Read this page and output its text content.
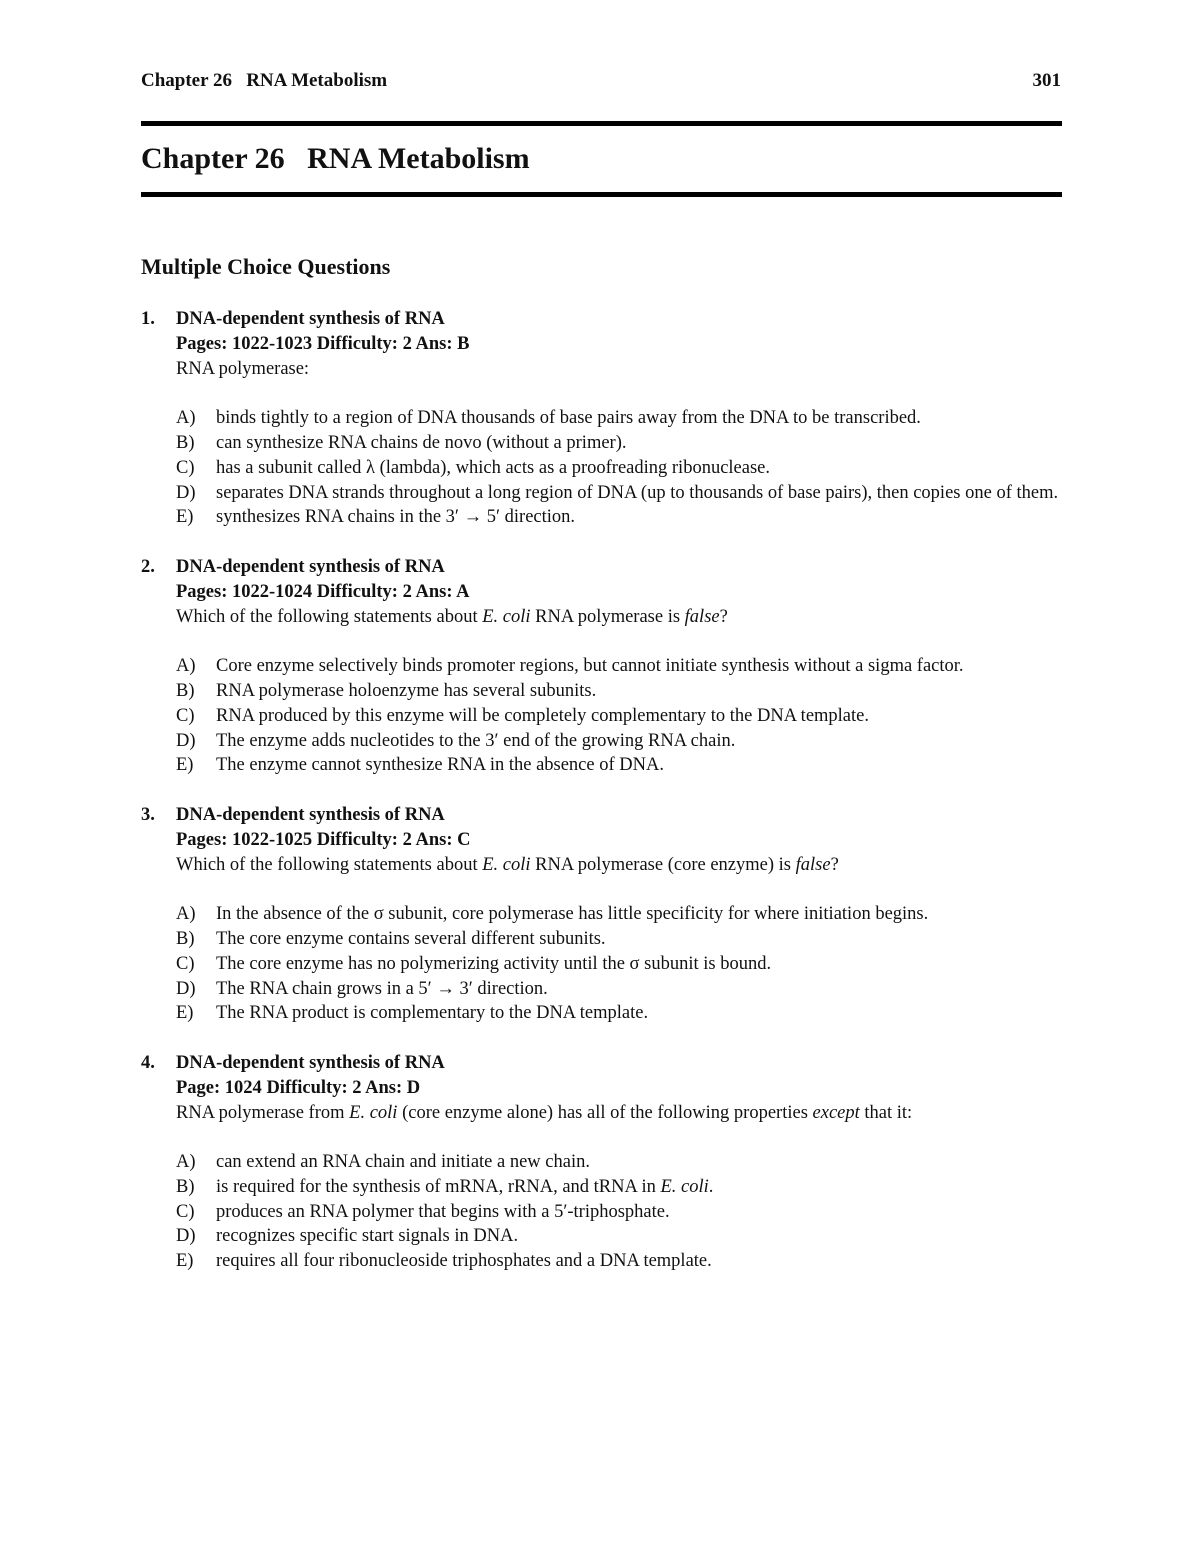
Chapter 26   RNA Metabolism	301
Chapter 26   RNA Metabolism
Multiple Choice Questions
1. DNA-dependent synthesis of RNA
Pages: 1022-1023 Difficulty: 2 Ans: B
RNA polymerase:
A) binds tightly to a region of DNA thousands of base pairs away from the DNA to be transcribed.
B) can synthesize RNA chains de novo (without a primer).
C) has a subunit called λ (lambda), which acts as a proofreading ribonuclease.
D) separates DNA strands throughout a long region of DNA (up to thousands of base pairs), then copies one of them.
E) synthesizes RNA chains in the 3′ → 5′ direction.
2. DNA-dependent synthesis of RNA
Pages: 1022-1024 Difficulty: 2 Ans: A
Which of the following statements about E. coli RNA polymerase is false?
A) Core enzyme selectively binds promoter regions, but cannot initiate synthesis without a sigma factor.
B) RNA polymerase holoenzyme has several subunits.
C) RNA produced by this enzyme will be completely complementary to the DNA template.
D) The enzyme adds nucleotides to the 3′ end of the growing RNA chain.
E) The enzyme cannot synthesize RNA in the absence of DNA.
3. DNA-dependent synthesis of RNA
Pages: 1022-1025 Difficulty: 2 Ans: C
Which of the following statements about E. coli RNA polymerase (core enzyme) is false?
A) In the absence of the σ subunit, core polymerase has little specificity for where initiation begins.
B) The core enzyme contains several different subunits.
C) The core enzyme has no polymerizing activity until the σ subunit is bound.
D) The RNA chain grows in a 5′ → 3′ direction.
E) The RNA product is complementary to the DNA template.
4. DNA-dependent synthesis of RNA
Page: 1024 Difficulty: 2 Ans: D
RNA polymerase from E. coli (core enzyme alone) has all of the following properties except that it:
A) can extend an RNA chain and initiate a new chain.
B) is required for the synthesis of mRNA, rRNA, and tRNA in E. coli.
C) produces an RNA polymer that begins with a 5′-triphosphate.
D) recognizes specific start signals in DNA.
E) requires all four ribonucleoside triphosphates and a DNA template.
